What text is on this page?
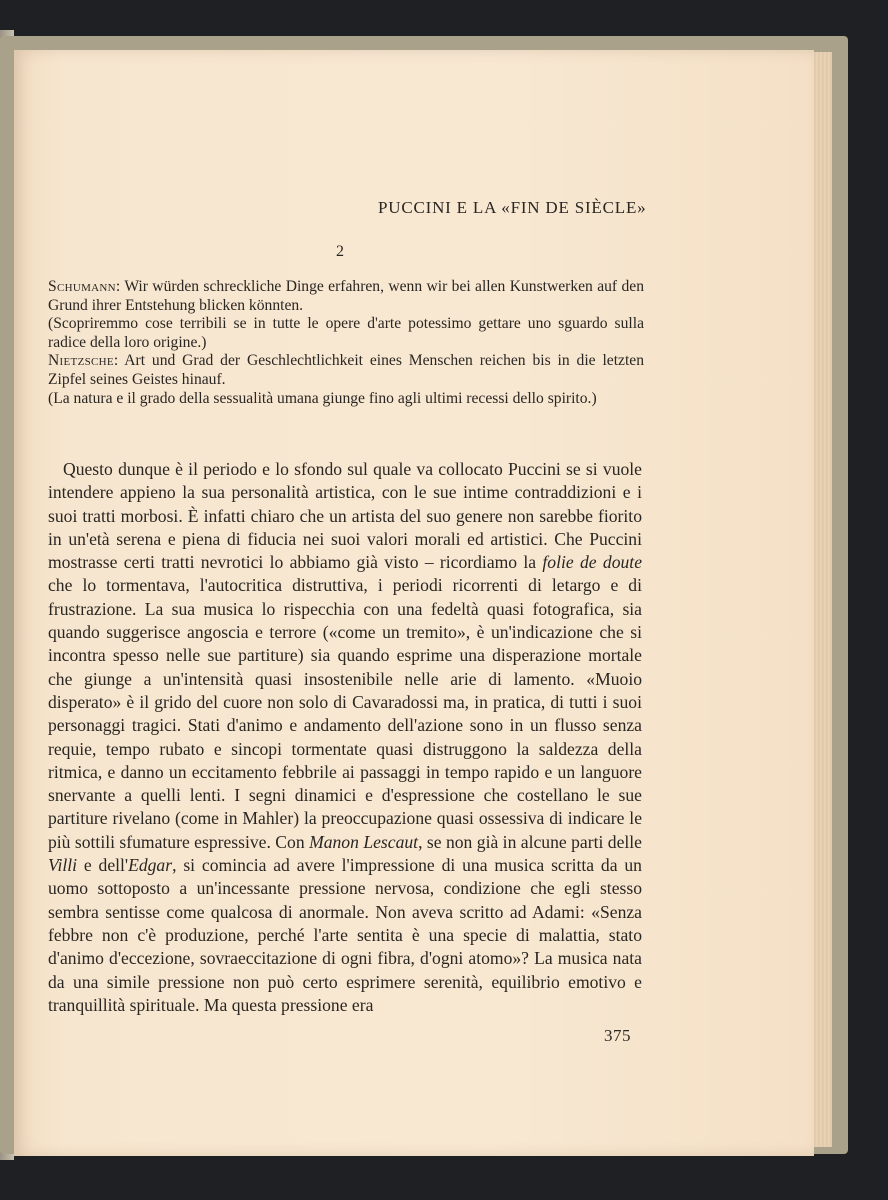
PUCCINI E LA «FIN DE SIÈCLE»
2

Schumann: Wir würden schreckliche Dinge erfahren, wenn wir bei allen Kunstwerken auf den Grund ihrer Entstehung blicken könnten.

(Scopriremmo cose terribili se in tutte le opere d'arte potessimo gettare uno sguardo sulla radice della loro origine.)

Nietzsche: Art und Grad der Geschlechtlichkeit eines Menschen reichen bis in die letzten Zipfel seines Geistes hinauf.

(La natura e il grado della sessualità umana giunge fino agli ultimi recessi dello spirito.)

Questo dunque è il periodo e lo sfondo sul quale va collocato Puccini se si vuole intendere appieno la sua personalità artistica, con le sue intime contraddizioni e i suoi tratti morbosi. È infatti chiaro che un artista del suo genere non sarebbe fiorito in un'età serena e piena di fiducia nei suoi valori morali ed artistici. Che Puccini mostrasse certi tratti nevrotici lo abbiamo già visto – ricordiamo la folie de doute che lo tormentava, l'autocritica distruttiva, i periodi ricorrenti di letargo e di frustrazione. La sua musica lo rispecchia con una fedeltà quasi fotografica, sia quando suggerisce angoscia e terrore («come un tremito», è un'indicazione che si incontra spesso nelle sue partiture) sia quando esprime una disperazione mortale che giunge a un'intensità quasi insostenibile nelle arie di lamento. «Muoio disperato» è il grido del cuore non solo di Cavaradossi ma, in pratica, di tutti i suoi personaggi tragici. Stati d'animo e andamento dell'azione sono in un flusso senza requie, tempo rubato e sincopi tormentate quasi distruggono la saldezza della ritmica, e danno un eccitamento febbrile ai passaggi in tempo rapido e un languore snervante a quelli lenti. I segni dinamici e d'espressione che costellano le sue partiture rivelano (come in Mahler) la preoccupazione quasi ossessiva di indicare le più sottili sfumature espressive. Con Manon Lescaut, se non già in alcune parti delle Villi e dell'Edgar, si comincia ad avere l'impressione di una musica scritta da un uomo sottoposto a un'incessante pressione nervosa, condizione che egli stesso sembra sentisse come qualcosa di anormale. Non aveva scritto ad Adami: «Senza febbre non c'è produzione, perché l'arte sentita è una specie di malattia, stato d'animo d'eccezione, sovraeccitazione di ogni fibra, d'ogni atomo»? La musica nata da una simile pressione non può certo esprimere serenità, equilibrio emotivo e tranquillità spirituale. Ma questa pressione era

375
